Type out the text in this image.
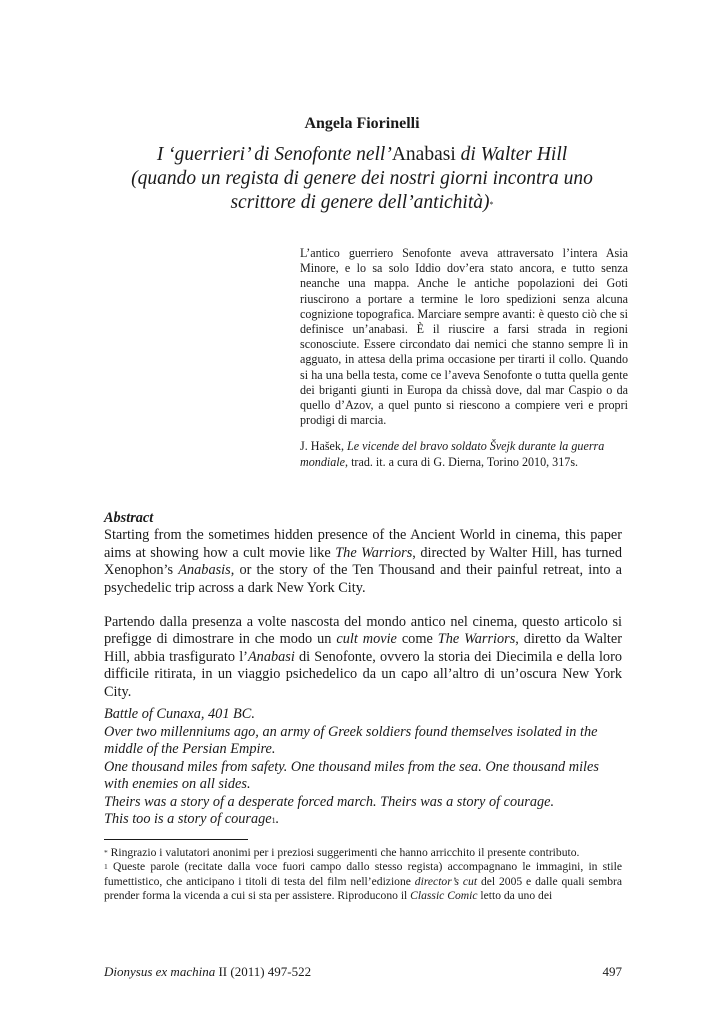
Angela Fiorinelli
I ‘guerrieri’ di Senofonte nell’Anabasi di Walter Hill
(quando un regista di genere dei nostri giorni incontra uno
scrittore di genere dell’antichità)*

L’antico guerriero Senofonte aveva attraversato l’intera Asia Minore, e lo sa solo Iddio dov’era stato ancora, e tutto senza neanche una mappa. Anche le antiche popolazioni dei Goti riuscirono a portare a termine le loro spedizioni senza alcuna cognizione topografica. Marciare sempre avanti: è questo ciò che si definisce un’anabasi. È il riuscire a farsi strada in regioni sconosciute. Essere circondato dai nemici che stanno sempre lì in agguato, in attesa della prima occasione per tirarti il collo. Quando si ha una bella testa, come ce l’aveva Senofonte o tutta quella gente dei briganti giunti in Europa da chissà dove, dal mar Caspio o da quello d’Azov, a quel punto si riescono a compiere veri e propri prodigi di marcia.

J. Hašek, Le vicende del bravo soldato Švejk durante la guerra mondiale, trad. it. a cura di G. Dierna, Torino 2010, 317s.

Abstract

Starting from the sometimes hidden presence of the Ancient World in cinema, this paper aims at showing how a cult movie like The Warriors, directed by Walter Hill, has turned Xenophon’s Anabasis, or the story of the Ten Thousand and their painful retreat, into a psychedelic trip across a dark New York City.

Partendo dalla presenza a volte nascosta del mondo antico nel cinema, questo articolo si prefigge di dimostrare in che modo un cult movie come The Warriors, diretto da Walter Hill, abbia trasfigurato l’Anabasi di Senofonte, ovvero la storia dei Diecimila e della loro difficile ritirata, in un viaggio psichedelico da un capo all’altro di un’oscura New York City.

Battle of Cunaxa, 401 BC.

Over two millenniums ago, an army of Greek soldiers found themselves isolated in the middle of the Persian Empire.

One thousand miles from safety. One thousand miles from the sea. One thousand miles with enemies on all sides.

Theirs was a story of a desperate forced march. Theirs was a story of courage.

This too is a story of courage$^1$.

* Ringrazio i valutatori anonimi per i preziosi suggerimenti che hanno arricchito il presente contributo.

$^1$ Queste parole (recitate dalla voce fuori campo dallo stesso regista) accompagnano le immagini, in stile fumettistico, che anticipano i titoli di testa del film nell’edizione director’s cut del 2005 e dalle quali sembra prender forma la vicenda a cui si sta per assistere. Riproducono il Classic Comic letto da uno dei

Dionysus ex machina II (2011) 497-522	497
